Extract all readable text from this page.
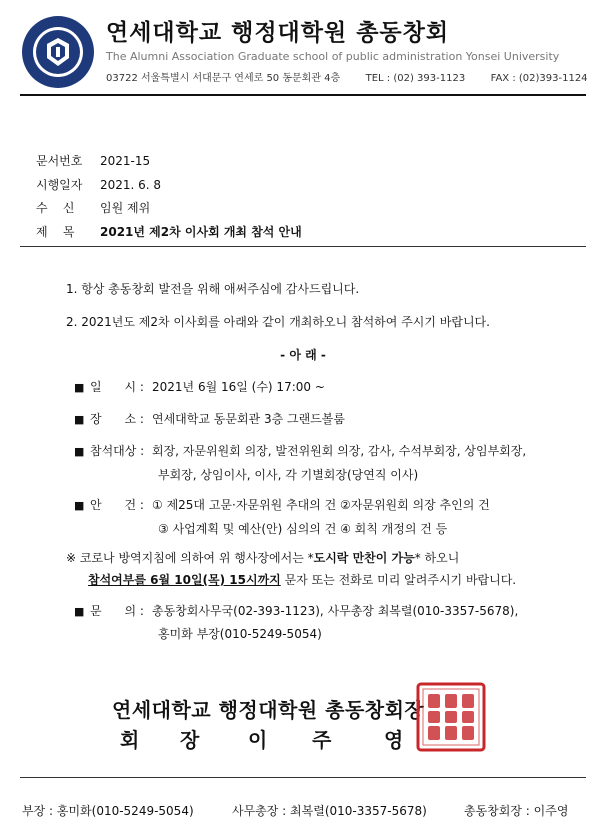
연세대학교 행정대학원 총동창회
The Alumni Association Graduate school of public administration Yonsei University
03722 서울특별시 서대문구 연세로 50 동문회관 4층        TEL : (02) 393-1123        FAX : (02)393-1124
문서번호 2021-15
시행일자 2021. 6. 8
수    신 임원 제위
제    목 2021년 제2차 이사회 개최 참석 안내
1. 항상 총동창회 발전을 위해 애써주심에 감사드립니다.
2. 2021년도 제2차 이사회를 아래와 같이 개최하오니 참석하여 주시기 바랍니다.
- 아 래 -
■ 일      시 : 2021년 6월 16일 (수) 17:00 ~
■ 장      소 : 연세대학교 동문회관 3층 그랜드볼룸
■ 참석대상 : 회장, 자문위원회 의장, 발전위원회 의장, 감사, 수석부회장, 상임부회장,
부회장, 상임이사, 이사, 각 기별회장(당연직 이사)
■ 안      건 : ① 제25대 고문·자문위원 추대의 건 ②자문위원회 의장 추인의 건
③ 사업계획 및 예산(안) 심의의 건 ④ 회칙 개정의 건 등
※ 코로나 방역지침에 의하여 위 행사장에서는 *도시락 만찬이 가능* 하오니
참석여부를 6월 10일(목) 15시까지 문자 또는 전화로 미리 알려주시기 바랍니다.
■ 문      의 : 총동창회사무국(02-393-1123), 사무총장 최복렬(010-3357-5678),
홍미화 부장(010-5249-5054)
연세대학교 행정대학원 총동창회장
회 장 이 주	영
부장 : 홍미화(010-5249-5054)	사무총장 : 최복렬(010-3357-5678)	총동창회장 : 이주영
